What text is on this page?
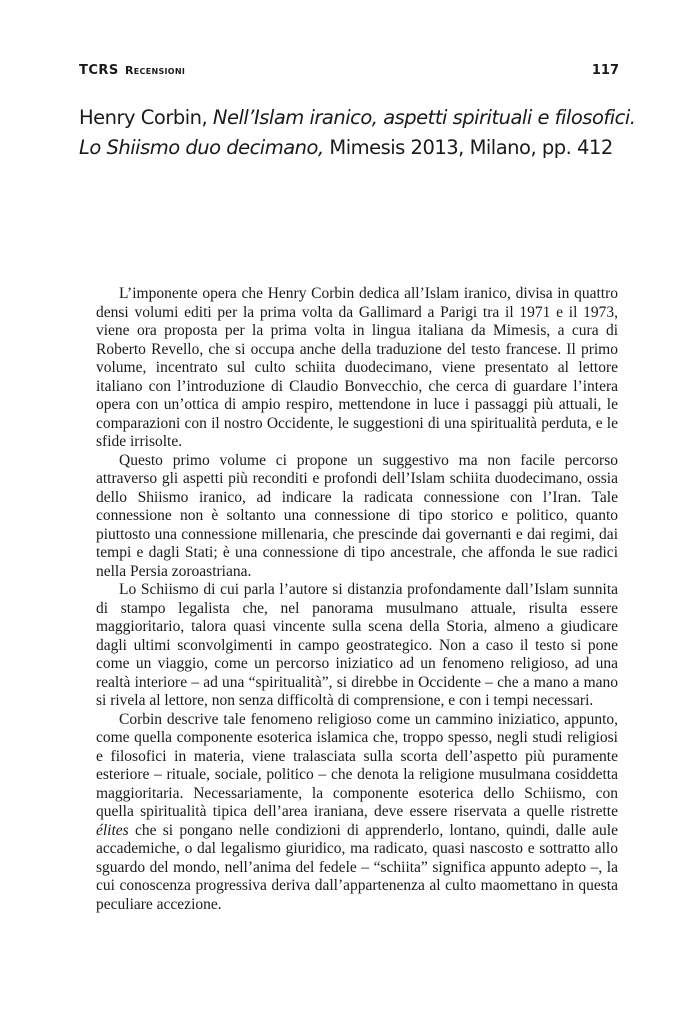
TCRS Recensioni	117
Henry Corbin, Nell’Islam iranico, aspetti spirituali e filosofici. Lo Shiismo duo decimano, Mimesis 2013, Milano, pp. 412

L’imponente opera che Henry Corbin dedica all’Islam iranico, divisa in quattro densi volumi editi per la prima volta da Gallimard a Parigi tra il 1971 e il 1973, viene ora proposta per la prima volta in lingua italiana da Mimesis, a cura di Roberto Revello, che si occupa anche della traduzione del testo francese. Il primo volume, incentrato sul culto schiita duodecimano, viene presentato al lettore italiano con l’introduzione di Claudio Bonvecchio, che cerca di guardare l’intera opera con un’ottica di ampio respiro, mettendone in luce i passaggi più attuali, le comparazioni con il nostro Occidente, le suggestioni di una spiritualità perduta, e le sfide irrisolte.

Questo primo volume ci propone un suggestivo ma non facile percorso attraverso gli aspetti più reconditi e profondi dell’Islam schiita duodecimano, ossia dello Shiismo iranico, ad indicare la radicata connessione con l’Iran. Tale connessione non è soltanto una connessione di tipo storico e politico, quanto piuttosto una connessione millenaria, che prescinde dai governanti e dai regimi, dai tempi e dagli Stati; è una connessione di tipo ancestrale, che affonda le sue radici nella Persia zoroastriana.

Lo Schiismo di cui parla l’autore si distanzia profondamente dall’Islam sunnita di stampo legalista che, nel panorama musulmano attuale, risulta essere maggioritario, talora quasi vincente sulla scena della Storia, almeno a giudicare dagli ultimi sconvolgimenti in campo geostrategico. Non a caso il testo si pone come un viaggio, come un percorso iniziatico ad un fenomeno religioso, ad una realtà interiore – ad una “spiritualità”, si direbbe in Occidente – che a mano a mano si rivela al lettore, non senza difficoltà di comprensione, e con i tempi necessari.

Corbin descrive tale fenomeno religioso come un cammino iniziatico, appunto, come quella componente esoterica islamica che, troppo spesso, negli studi religiosi e filosofici in materia, viene tralasciata sulla scorta dell’aspetto più puramente esteriore – rituale, sociale, politico – che denota la religione musulmana cosiddetta maggioritaria. Necessariamente, la componente esoterica dello Schiismo, con quella spiritualità tipica dell’area iraniana, deve essere riservata a quelle ristrette élites che si pongano nelle condizioni di apprenderlo, lontano, quindi, dalle aule accademiche, o dal legalismo giuridico, ma radicato, quasi nascosto e sottratto allo sguardo del mondo, nell’anima del fedele – “schiita” significa appunto adepto –, la cui conoscenza progressiva deriva dall’appartenenza al culto maomettano in questa peculiare accezione.
